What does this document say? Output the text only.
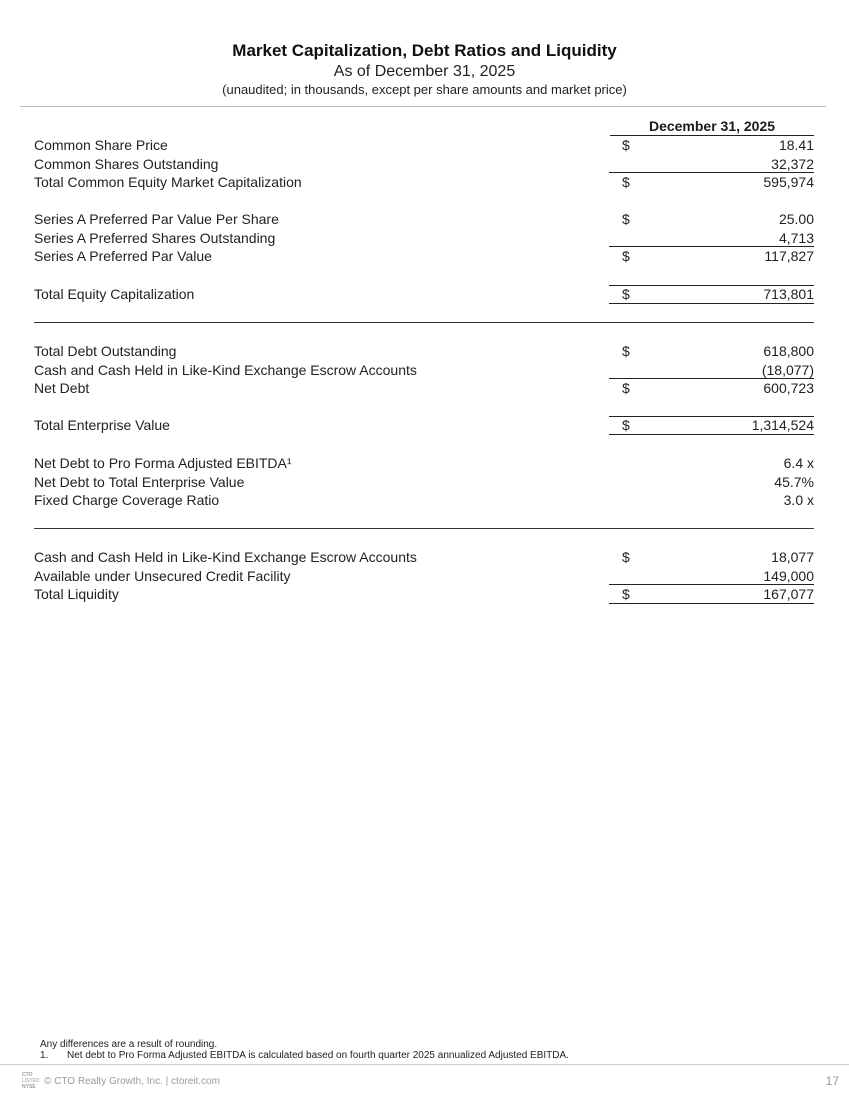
Market Capitalization, Debt Ratios and Liquidity
As of December 31, 2025
(unaudited; in thousands, except per share amounts and market price)
December 31, 2025
Common Share Price	$	18.41
Common Shares Outstanding	32,372
Total Common Equity Market Capitalization	$	595,974
Series A Preferred Par Value Per Share	$	25.00
Series A Preferred Shares Outstanding	4,713
Series A Preferred Par Value	$	117,827
Total Equity Capitalization	$	713,801
Total Debt Outstanding	$	618,800
Cash and Cash Held in Like-Kind Exchange Escrow Accounts	(18,077)
Net Debt	$	600,723
Total Enterprise Value	$	1,314,524
Net Debt to Pro Forma Adjusted EBITDA¹	6.4 x
Net Debt to Total Enterprise Value	45.7%
Fixed Charge Coverage Ratio	3.0 x
Cash and Cash Held in Like-Kind Exchange Escrow Accounts	$	18,077
Available under Unsecured Credit Facility	149,000
Total Liquidity	$	167,077
Any differences are a result of rounding.
1. Net debt to Pro Forma Adjusted EBITDA is calculated based on fourth quarter 2025 annualized Adjusted EBITDA.
CTO
LISTED
NYSE
© CTO Realty Growth, Inc. | ctoreit.com	17
